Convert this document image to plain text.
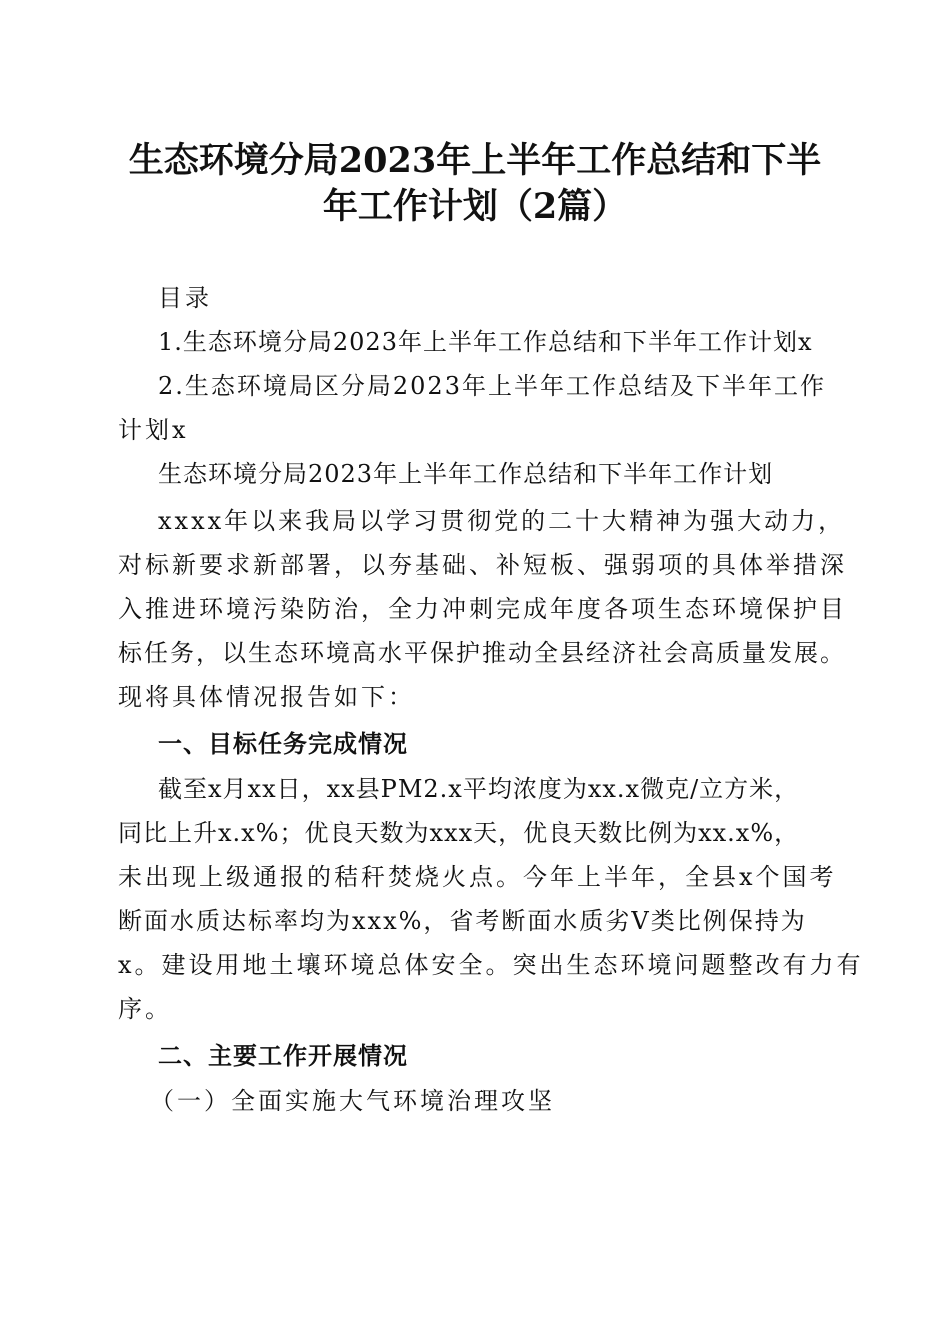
生态环境分局2023年上半年工作总结和下半
年工作计划（2篇）
目录
1.生态环境分局2023年上半年工作总结和下半年工作计划x
2.生态环境局区分局2023年上半年工作总结及下半年工作
计划x
生态环境分局2023年上半年工作总结和下半年工作计划
xxxx年以来我局以学习贯彻党的二十大精神为强大动力，
对标新要求新部署，以夯基础、补短板、强弱项的具体举措深
入推进环境污染防治，全力冲刺完成年度各项生态环境保护目
标任务，以生态环境高水平保护推动全县经济社会高质量发展。
现将具体情况报告如下：
一、目标任务完成情况
截至x月xx日，xx县PM2.x平均浓度为xx.x微克/立方米，
同比上升x.x%；优良天数为xxx天，优良天数比例为xx.x%，
未出现上级通报的秸秆焚烧火点。今年上半年，全县x个国考
断面水质达标率均为xxx%，省考断面水质劣Ⅴ类比例保持为
x。建设用地土壤环境总体安全。突出生态环境问题整改有力有
序。
二、主要工作开展情况
（一）全面实施大气环境治理攻坚
